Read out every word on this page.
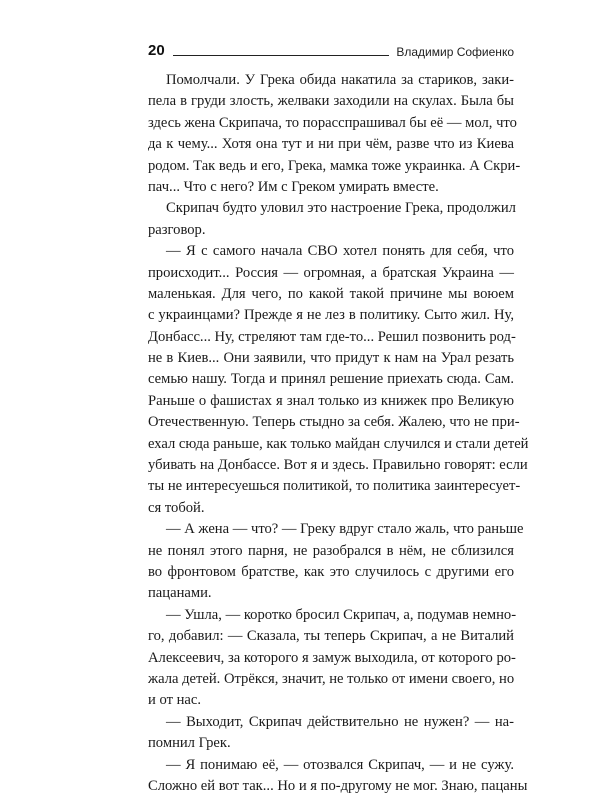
20	Владимир Софиенко
Помолчали. У Грека обида накатила за стариков, заки-
пела в груди злость, желваки заходили на скулах. Была бы
здесь жена Скрипача, то порасспрашивал бы её — мол, что
да к чему... Хотя она тут и ни при чём, разве что из Киева
родом. Так ведь и его, Грека, мамка тоже украинка. А Скри-
пач... Что с него? Им с Греком умирать вместе.
Скрипач будто уловил это настроение Грека, продолжил
разговор.
— Я с самого начала СВО хотел понять для себя, что
происходит... Россия — огромная, а братская Украина —
маленькая. Для чего, по какой такой причине мы воюем
с украинцами? Прежде я не лез в политику. Сыто жил. Ну,
Донбасс... Ну, стреляют там где-то... Решил позвонить род-
не в Киев... Они заявили, что придут к нам на Урал резать
семью нашу. Тогда и принял решение приехать сюда. Сам.
Раньше о фашистах я знал только из книжек про Великую
Отечественную. Теперь стыдно за себя. Жалею, что не при-
ехал сюда раньше, как только майдан случился и стали детей
убивать на Донбассе. Вот я и здесь. Правильно говорят: если
ты не интересуешься политикой, то политика заинтересует-
ся тобой.
— А жена — что? — Греку вдруг стало жаль, что раньше
не понял этого парня, не разобрался в нём, не сблизился
во фронтовом братстве, как это случилось с другими его
пацанами.
— Ушла, — коротко бросил Скрипач, а, подумав немно-
го, добавил: — Сказала, ты теперь Скрипач, а не Виталий
Алексеевич, за которого я замуж выходила, от которого ро-
жала детей. Отрёкся, значит, не только от имени своего, но
и от нас.
— Выходит, Скрипач действительно не нужен? — на-
помнил Грек.
— Я понимаю её, — отозвался Скрипач, — и не сужу.
Сложно ей вот так... Но и я по-другому не мог. Знаю, пацаны
